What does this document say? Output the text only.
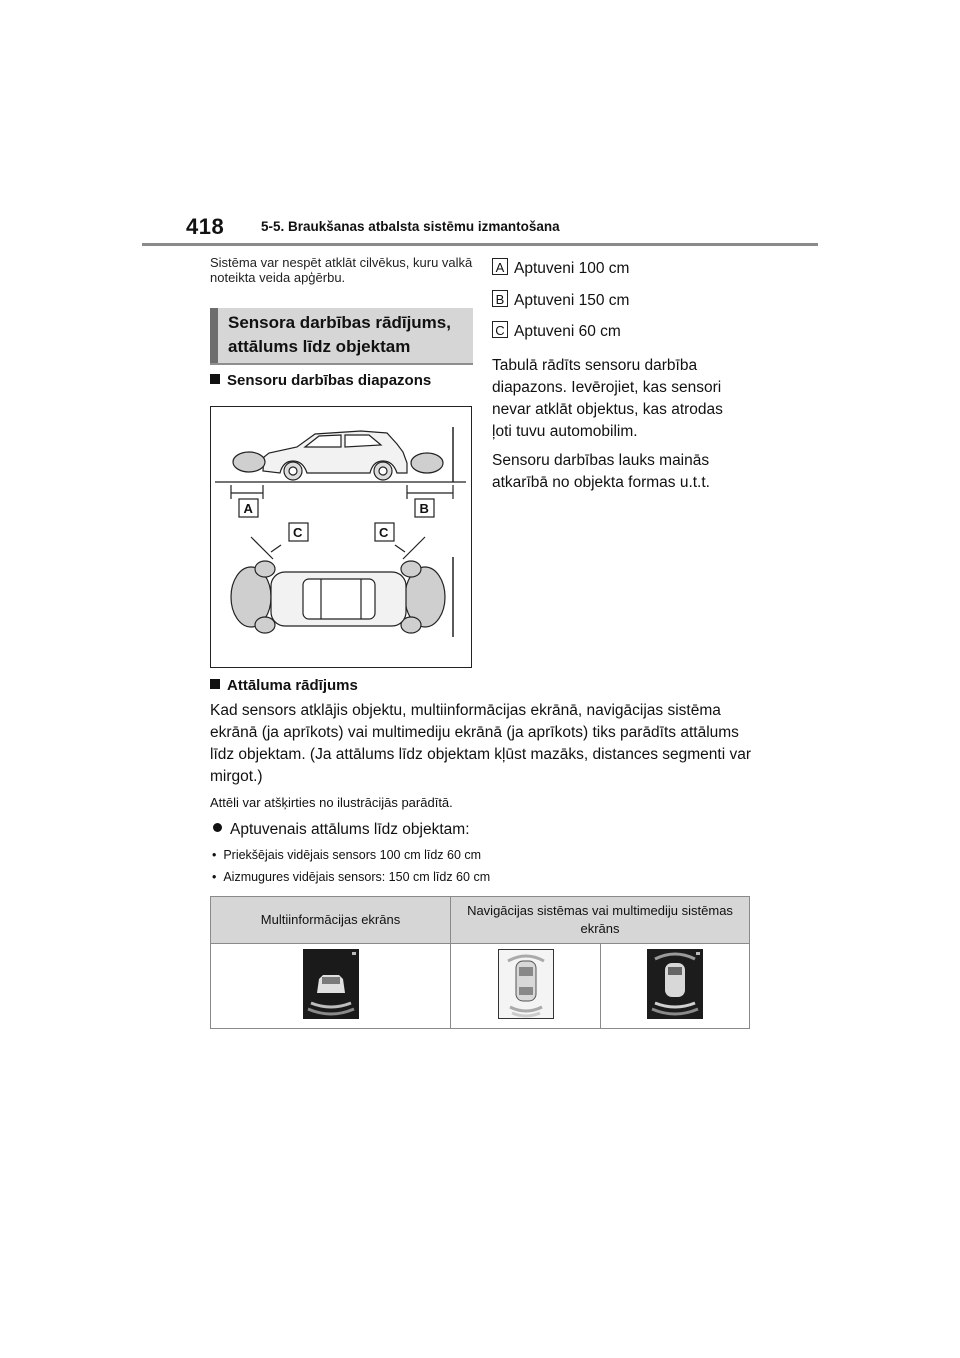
418	5-5. Braukšanas atbalsta sistēmu izmantošana
Sistēma var nespēt atklāt cilvēkus, kuru valkā noteikta veida apģērbu.
Sensora darbības rādījums,
attālums līdz objektam
Sensoru darbības diapazons
A	B
C	C
A Aptuveni 100 cm
B Aptuveni 150 cm
C Aptuveni 60 cm
Tabulā rādīts sensoru darbība diapazons. Ievērojiet, kas sensori nevar atklāt objektus, kas atrodas ļoti tuvu automobilim.
Sensoru darbības lauks mainās atkarībā no objekta formas u.t.t.
Attāluma rādījums
Kad sensors atklājis objektu, multiinformācijas ekrānā, navigācijas sistēma ekrānā (ja aprīkots) vai multimediju ekrānā (ja aprīkots) tiks parādīts attālums līdz objektam. (Ja attālums līdz objektam kļūst mazāks, distances segmenti var mirgot.)
Attēli var atšķirties no ilustrācijās parādītā.
Aptuvenais attālums līdz objektam:
•  Priekšējais vidējais sensors 100 cm līdz 60 cm
•  Aizmugures vidējais sensors: 150 cm līdz 60 cm
Multiinformācijas ekrāns	Navigācijas sistēmas vai multimediju sistēmas ekrāns	
